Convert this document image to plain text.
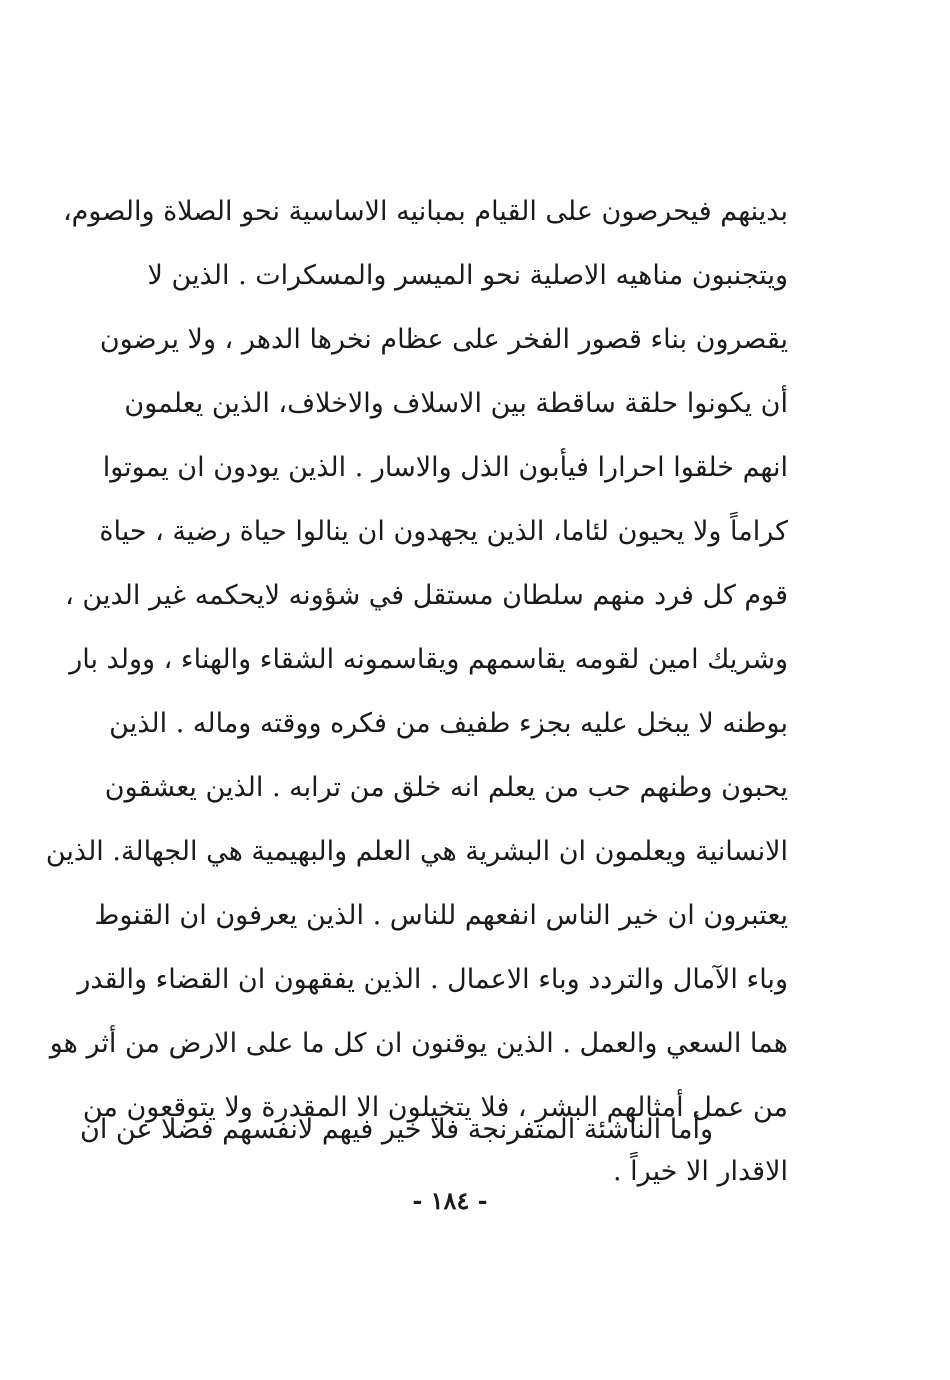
بدينهم فيحرصون على القيام بمبانيه الاساسية نحو الصلاة والصوم،
ويتجنبون مناهيه الاصلية نحو الميسر والمسكرات . الذين لا
يقصرون بناء قصور الفخر على عظام نخرها الدهر ، ولا يرضون
أن يكونوا حلقة ساقطة بين الاسلاف والاخلاف، الذين يعلمون
انهم خلقوا احرارا فيأبون الذل والاسار . الذين يودون ان يموتوا
كراماً ولا يحيون لئاما، الذين يجهدون ان ينالوا حياة رضية ، حياة
قوم كل فرد منهم سلطان مستقل في شؤونه لايحكمه غير الدين ،
وشريك امين لقومه يقاسمهم ويقاسمونه الشقاء والهناء ، وولد بار
بوطنه لا يبخل عليه بجزء طفيف من فكره ووقته وماله . الذين
يحبون وطنهم حب من يعلم انه خلق من ترابه . الذين يعشقون
الانسانية ويعلمون ان البشرية هي العلم والبهيمية هي الجهالة. الذين
يعتبرون ان خير الناس انفعهم للناس . الذين يعرفون ان القنوط
وباء الآمال والتردد وباء الاعمال . الذين يفقهون ان القضاء والقدر
هما السعي والعمل . الذين يوقنون ان كل ما على الارض من أثر هو
من عمل أمثالهم البشر ، فلا يتخيلون الا المقدرة ولا يتوقعون من
الاقدار الا خيراً .
وأما الناشئة المتفرنجة فلا خير فيهم لانفسهم فضلا عن ان
- ١٨٤ -
